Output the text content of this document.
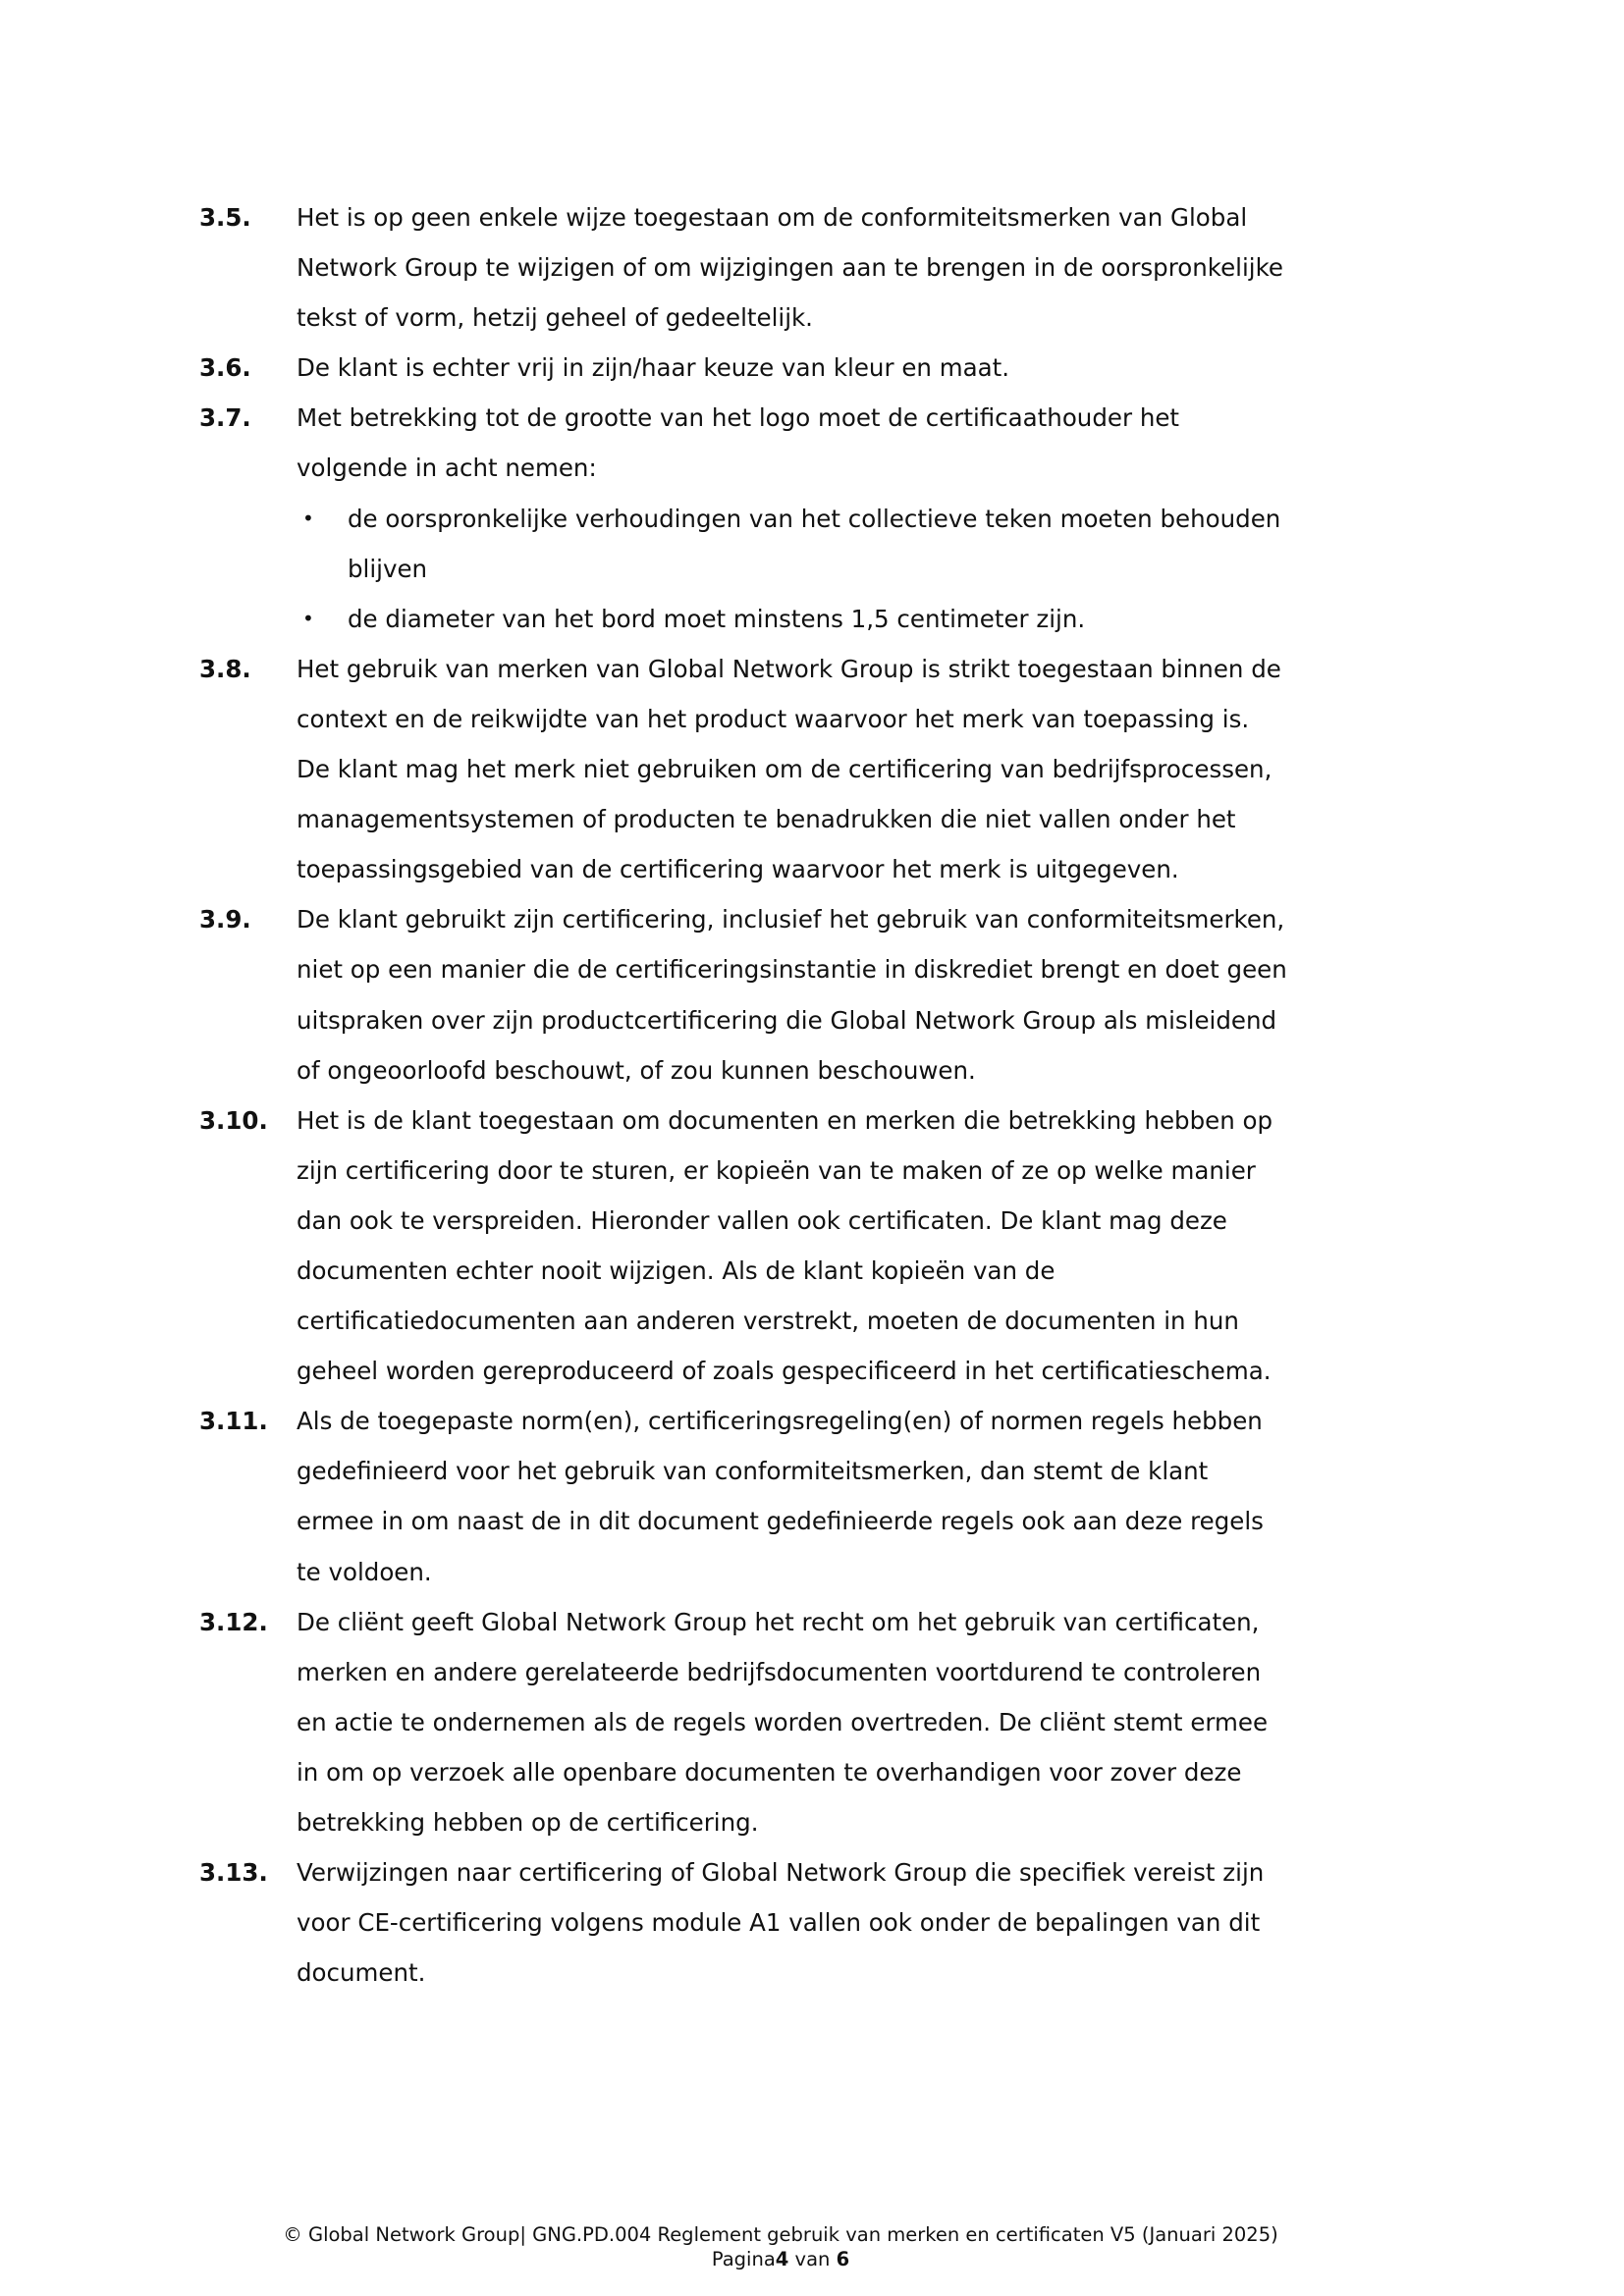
3.5. Het is op geen enkele wijze toegestaan om de conformiteitsmerken van Global
Network Group te wijzigen of om wijzigingen aan te brengen in de oorspronkelijke
tekst of vorm, hetzij geheel of gedeeltelijk.
3.6. De klant is echter vrij in zijn/haar keuze van kleur en maat.
3.7. Met betrekking tot de grootte van het logo moet de certificaathouder het
volgende in acht nemen:
• de oorspronkelijke verhoudingen van het collectieve teken moeten behouden
blijven
• de diameter van het bord moet minstens 1,5 centimeter zijn.
3.8. Het gebruik van merken van Global Network Group is strikt toegestaan binnen de
context en de reikwijdte van het product waarvoor het merk van toepassing is.
De klant mag het merk niet gebruiken om de certificering van bedrijfsprocessen,
managementsystemen of producten te benadrukken die niet vallen onder het
toepassingsgebied van de certificering waarvoor het merk is uitgegeven.
3.9. De klant gebruikt zijn certificering, inclusief het gebruik van conformiteitsmerken,
niet op een manier die de certificeringsinstantie in diskrediet brengt en doet geen
uitspraken over zijn productcertificering die Global Network Group als misleidend
of ongeoorloofd beschouwt, of zou kunnen beschouwen.
3.10. Het is de klant toegestaan om documenten en merken die betrekking hebben op
zijn certificering door te sturen, er kopieën van te maken of ze op welke manier
dan ook te verspreiden. Hieronder vallen ook certificaten. De klant mag deze
documenten echter nooit wijzigen. Als de klant kopieën van de
certificatiedocumenten aan anderen verstrekt, moeten de documenten in hun
geheel worden gereproduceerd of zoals gespecificeerd in het certificatieschema.
3.11. Als de toegepaste norm(en), certificeringsregeling(en) of normen regels hebben
gedefinieerd voor het gebruik van conformiteitsmerken, dan stemt de klant
ermee in om naast de in dit document gedefinieerde regels ook aan deze regels
te voldoen.
3.12. De cliënt geeft Global Network Group het recht om het gebruik van certificaten,
merken en andere gerelateerde bedrijfsdocumenten voortdurend te controleren
en actie te ondernemen als de regels worden overtreden. De cliënt stemt ermee
in om op verzoek alle openbare documenten te overhandigen voor zover deze
betrekking hebben op de certificering.
3.13. Verwijzingen naar certificering of Global Network Group die specifiek vereist zijn
voor CE-certificering volgens module A1 vallen ook onder de bepalingen van dit
document.
© Global Network Group| GNG.PD.004 Reglement gebruik van merken en certificaten V5 (Januari 2025)
Pagina4 van 6
